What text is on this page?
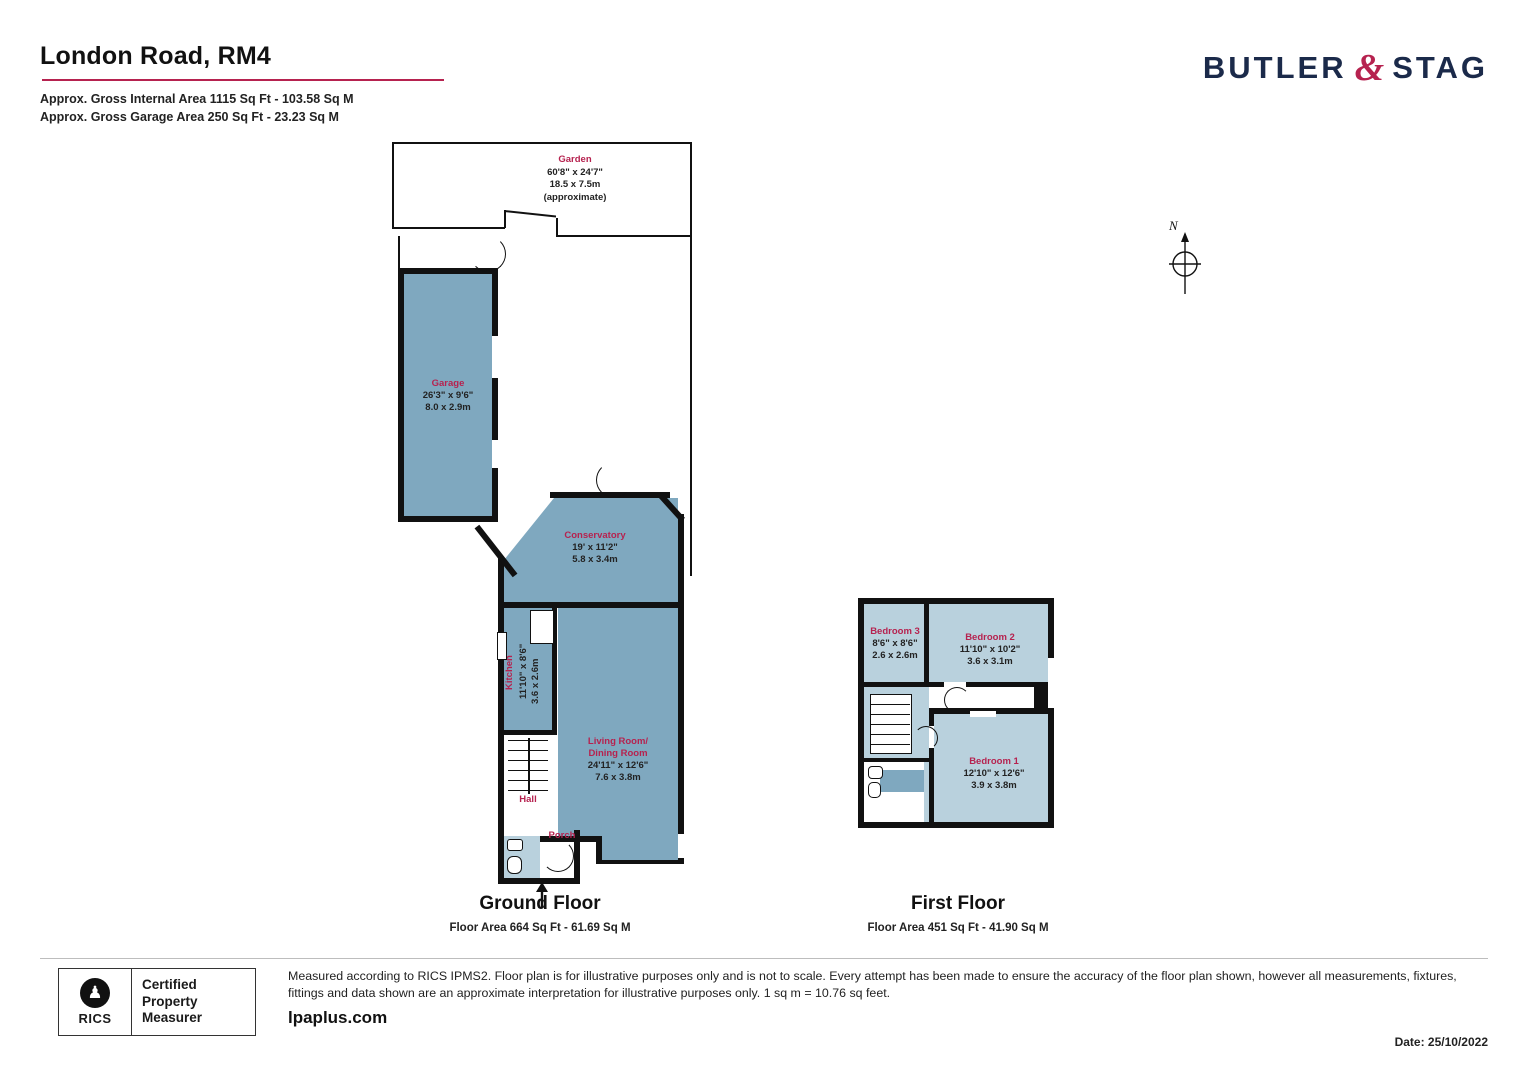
London Road, RM4
Approx. Gross Internal Area 1115 Sq Ft - 103.58 Sq M
Approx. Gross Garage Area 250 Sq Ft - 23.23 Sq M
BUTLER & STAG
N
Garden
60'8" x 24'7"
18.5 x 7.5m
(approximate)
Garage
26'3" x 9'6"
8.0 x 2.9m
Conservatory
19' x 11'2"
5.8 x 3.4m
Living Room/
Dining Room
24'11" x 12'6"
7.6 x 3.8m
Kitchen 11'10" x 8'6" 3.6 x 2.6m
Hall
Porch
Ground Floor
Floor Area 664 Sq Ft - 61.69 Sq M
Bedroom 3
8'6" x 8'6"
2.6 x 2.6m
Bedroom 2
11'10" x 10'2"
3.6 x 3.1m
Bedroom 1
12'10" x 12'6"
3.9 x 3.8m
First Floor
Floor Area 451 Sq Ft - 41.90 Sq M
♟
RICS
Certified
Property
Measurer
Measured according to RICS IPMS2. Floor plan is for illustrative purposes only and is not to scale. Every attempt has been made to ensure the accuracy of the floor plan shown, however all measurements, fixtures, fittings and data shown are an approximate interpretation for illustrative purposes only. 1 sq m = 10.76 sq feet.
lpaplus.com
Date: 25/10/2022
